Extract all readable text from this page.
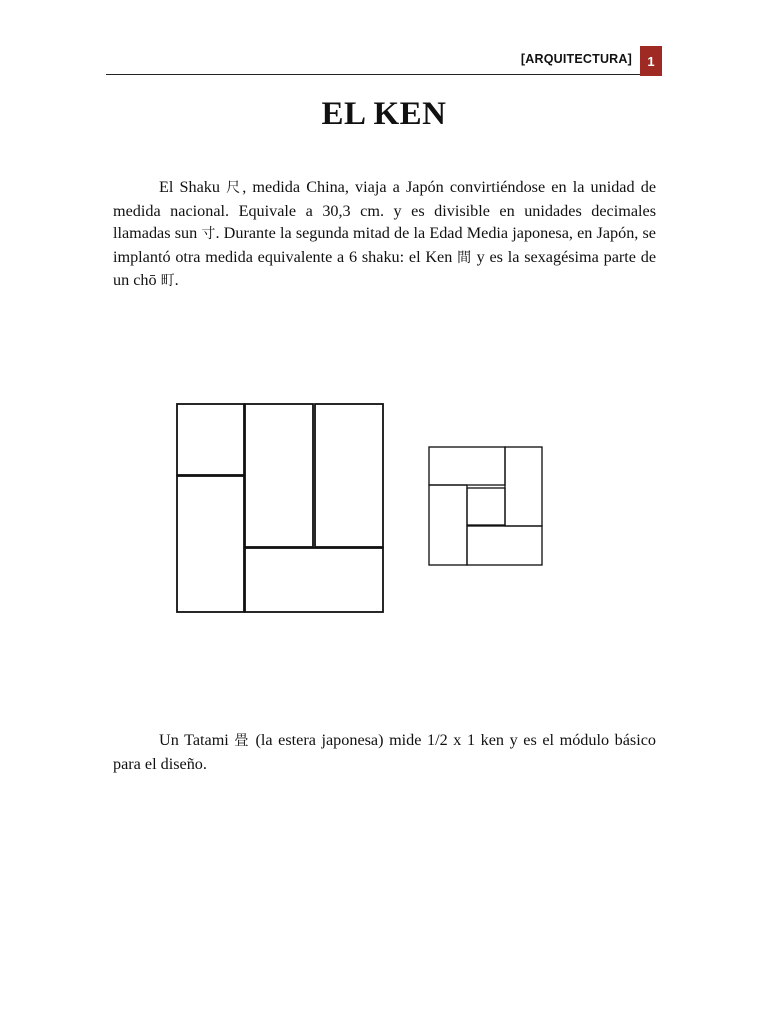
[ARQUITECTURA] 1
EL KEN

El Shaku 尺, medida China, viaja a Japón convirtiéndose en la unidad de medida nacional. Equivale a 30,3 cm. y es divisible en unidades decimales llamadas sun 寸. Durante la segunda mitad de la Edad Media japonesa, en Japón, se implantó otra medida equivalente a 6 shaku: el Ken 間 y es la sexagésima parte de un chō 町.

Un Tatami 畳 (la estera japonesa) mide 1/2 x 1 ken y es el módulo básico para el diseño.
